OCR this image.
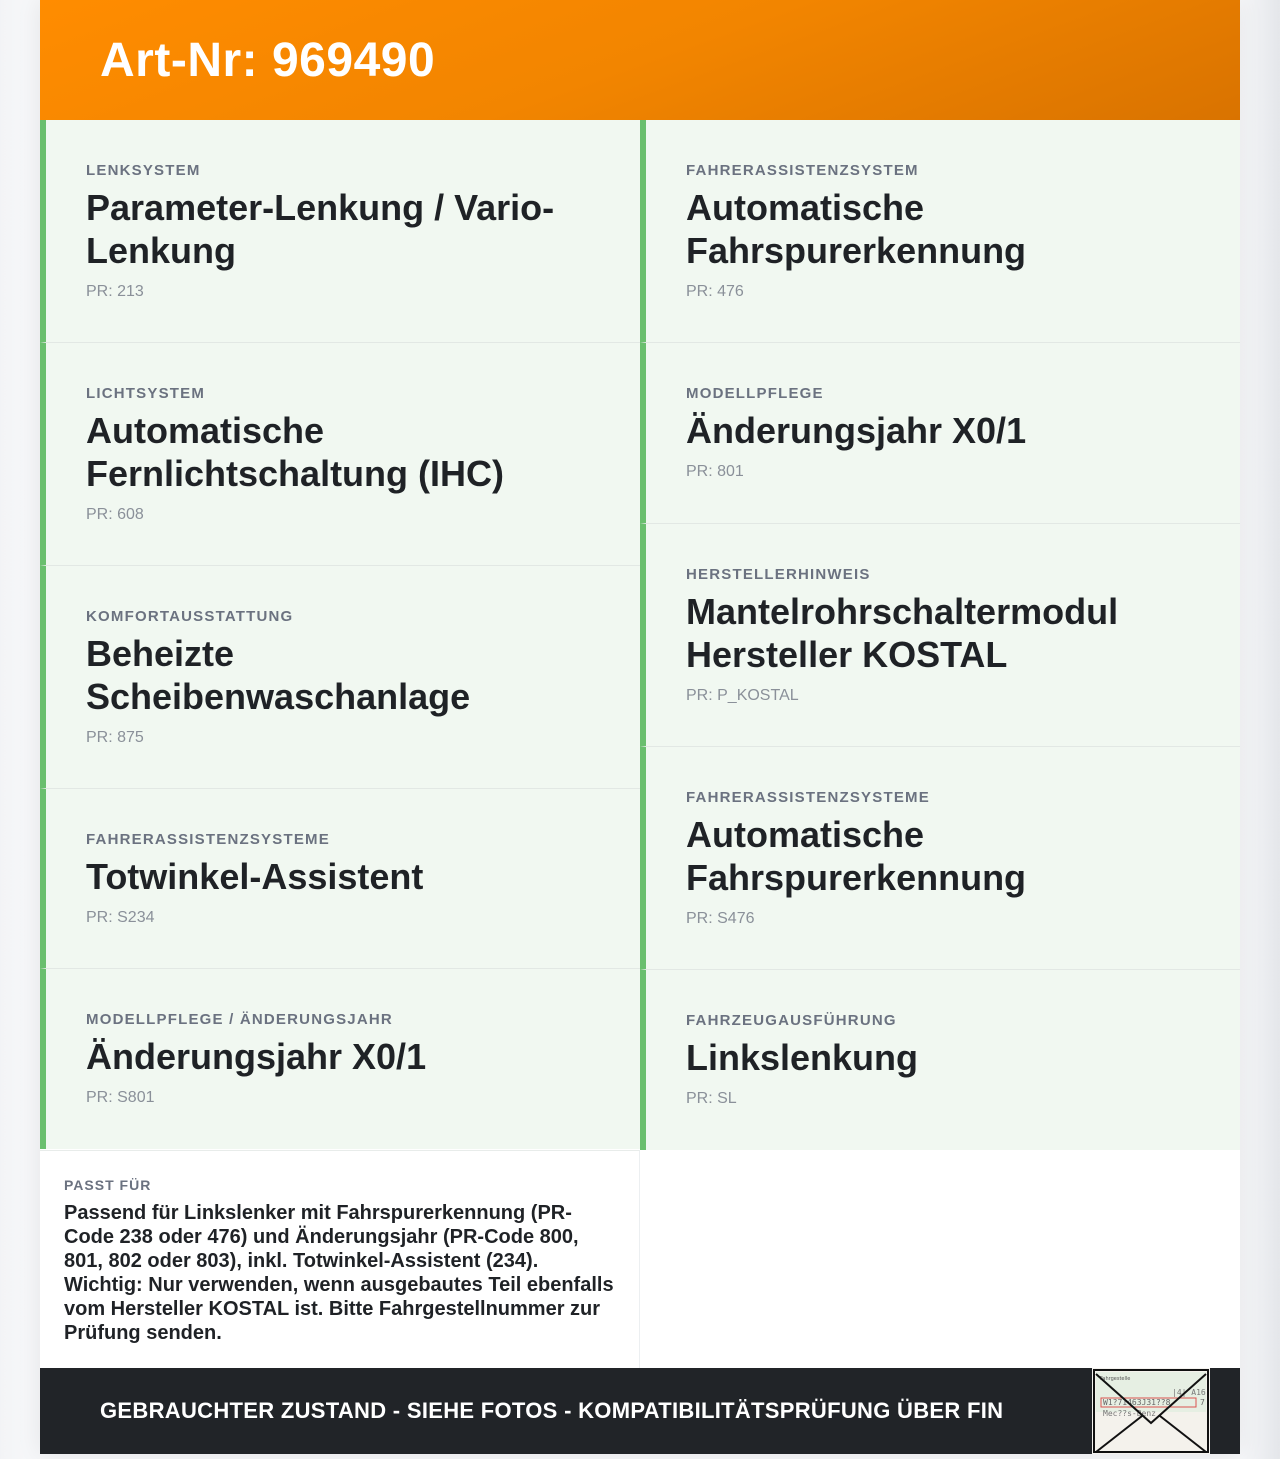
Art-Nr: 969490
LENKSYSTEM
Parameter-Lenkung / Vario-Lenkung
PR: 213
LICHTSYSTEM
Automatische Fernlichtschaltung (IHC)
PR: 608
KOMFORTAUSSTATTUNG
Beheizte Scheibenwaschanlage
PR: 875
FAHRERASSISTENZSYSTEME
Totwinkel-Assistent
PR: S234
MODELLPFLEGE / ÄNDERUNGSJAHR
Änderungsjahr X0/1
PR: S801
FAHRERASSISTENZSYSTEM
Automatische Fahrspurerkennung
PR: 476
MODELLPFLEGE
Änderungsjahr X0/1
PR: 801
HERSTELLERHINWEIS
Mantelrohrschaltermodul Hersteller KOSTAL
PR: P_KOSTAL
FAHRERASSISTENZSYSTEME
Automatische Fahrspurerkennung
PR: S476
FAHRZEUGAUSFÜHRUNG
Linkslenkung
PR: SL
PASST FÜR
Passend für Linkslenker mit Fahrspurerkennung (PR-Code 238 oder 476) und Änderungsjahr (PR-Code 800, 801, 802 oder 803), inkl. Totwinkel-Assistent (234). Wichtig: Nur verwenden, wenn ausgebautes Teil ebenfalls vom Hersteller KOSTAL ist. Bitte Fahrgestellnummer zur Prüfung senden.
GEBRAUCHTER ZUSTAND - SIEHE FOTOS - KOMPATIBILITÄTSPRÜFUNG ÜBER FIN
Fahrgestelle
|4| A16
W1?71463J31??8	7
Mec??s-Benz
